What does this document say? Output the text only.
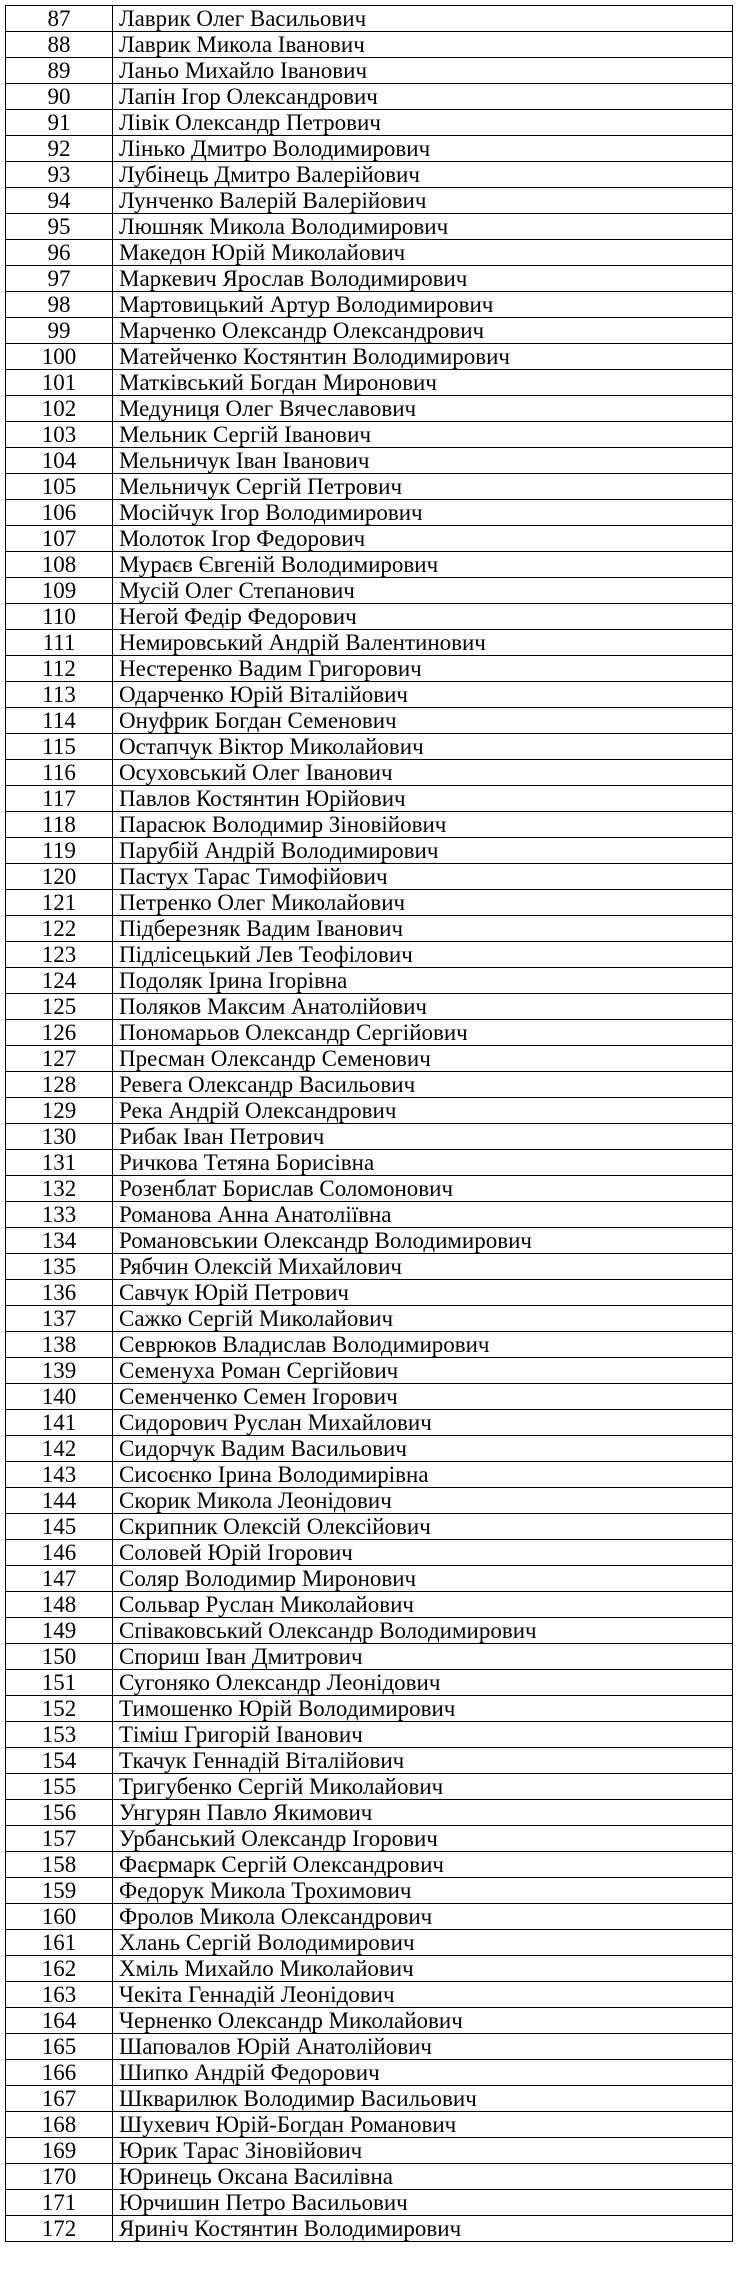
87	Лаврик Олег Васильович
88	Лаврик Микола Іванович
89	Ланьо Михайло Іванович
90	Лапін Ігор Олександрович
91	Лівік Олександр Петрович
92	Лінько Дмитро Володимирович
93	Лубінець Дмитро Валерійович
94	Лунченко Валерій Валерійович
95	Люшняк Микола Володимирович
96	Македон Юрій Миколайович
97	Маркевич Ярослав Володимирович
98	Мартовицький Артур Володимирович
99	Марченко Олександр Олександрович
100	Матейченко Костянтин Володимирович
101	Матківський Богдан Миронович
102	Медуниця Олег Вячеславович
103	Мельник Сергій Іванович
104	Мельничук Іван Іванович
105	Мельничук Сергій Петрович
106	Мосійчук Ігор Володимирович
107	Молоток Ігор Федорович
108	Мураєв Євгеній Володимирович
109	Мусій Олег Степанович
110	Негой Федір Федорович
111	Немировський Андрій Валентинович
112	Нестеренко Вадим Григорович
113	Одарченко Юрій Віталійович
114	Онуфрик Богдан Семенович
115	Остапчук Віктор Миколайович
116	Осуховський Олег Іванович
117	Павлов Костянтин Юрійович
118	Парасюк Володимир Зіновійович
119	Парубій Андрій Володимирович
120	Пастух Тарас Тимофійович
121	Петренко Олег Миколайович
122	Підберезняк Вадим Іванович
123	Підлісецький Лев Теофілович
124	Подоляк Ірина Ігорівна
125	Поляков Максим Анатолійович
126	Пономарьов Олександр Сергійович
127	Пресман Олександр Семенович
128	Ревега Олександр Васильович
129	Река Андрій Олександрович
130	Рибак Іван Петрович
131	Ричкова Тетяна Борисівна
132	Розенблат Борислав Соломонович
133	Романова Анна Анатоліївна
134	Романовськии Олександр Володимирович
135	Рябчин Олексій Михайлович
136	Савчук Юрій Петрович
137	Сажко Сергій Миколайович
138	Севрюков Владислав Володимирович
139	Семенуха Роман Сергійович
140	Семенченко Семен Ігорович
141	Сидорович Руслан Михайлович
142	Сидорчук Вадим Васильович
143	Сисоєнко Ірина Володимирівна
144	Скорик Микола Леонідович
145	Скрипник Олексій Олексійович
146	Соловей Юрій Ігорович
147	Соляр Володимир Миронович
148	Сольвар Руслан Миколайович
149	Співаковський Олександр Володимирович
150	Спориш Іван Дмитрович
151	Сугоняко Олександр Леонідович
152	Тимошенко Юрій Володимирович
153	Тіміш Григорій Іванович
154	Ткачук Геннадій Віталійович
155	Тригубенко Сергій Миколайович
156	Унгурян Павло Якимович
157	Урбанський Олександр Ігорович
158	Фаєрмарк Сергій Олександрович
159	Федорук Микола Трохимович
160	Фролов Микола Олександрович
161	Хлань Сергій Володимирович
162	Хміль Михайло Миколайович
163	Чекіта Геннадій Леонідович
164	Черненко Олександр Миколайович
165	Шаповалов Юрій Анатолійович
166	Шипко Андрій Федорович
167	Шкварилюк Володимир Васильович
168	Шухевич Юрій-Богдан Романович
169	Юрик Тарас Зіновійович
170	Юринець Оксана Василівна
171	Юрчишин Петро Васильович
172	Яриніч Костянтин Володимирович
